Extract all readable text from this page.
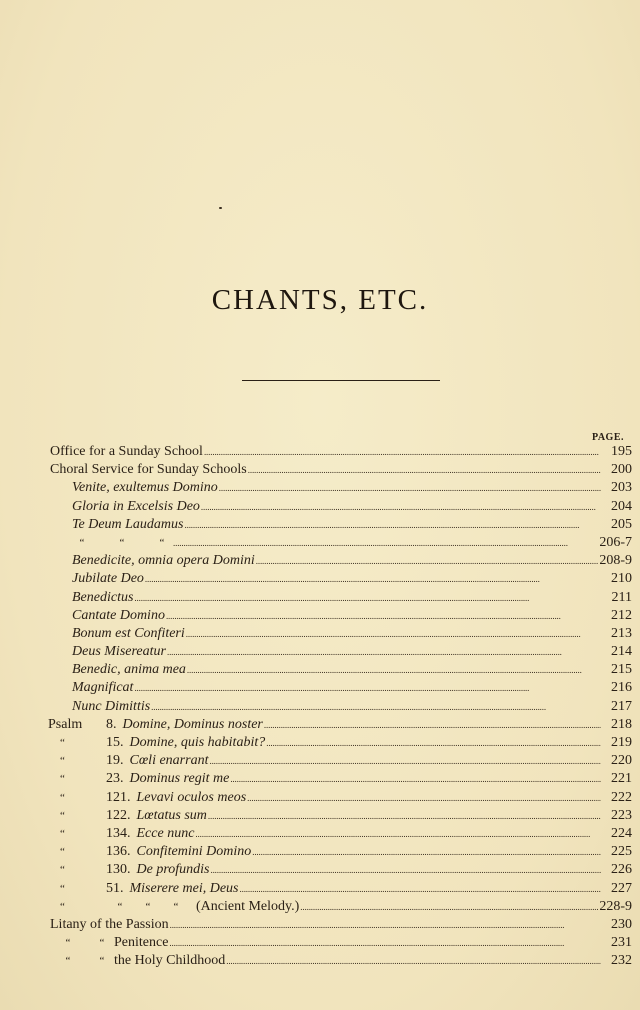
CHANTS, ETC.
PAGE.
Office for a Sunday School . . .	195
Choral Service for Sunday Schools . . .	200
Venite, exultemus Domino . . .	203
Gloria in Excelsis Deo . . .	204
Te Deum Laudamus . . .	205
“	“	“ . . .	206-7
Benedicite, omnia opera Domini . . .	208-9
Jubilate Deo . . .	210
Benedictus . . .	211
Cantate Domino . . .	212
Bonum est Confiteri . . .	213
Deus Misereatur . . .	214
Benedic, anima mea . . .	215
Magnificat . . .	216
Nunc Dimittis . . .	217
Psalm	8. Domine, Dominus noster . . .	218
“	15. Domine, quis habitabit? . . .	219
“	19. Cœli enarrant . . .	220
“	23. Dominus regit me . . .	221
“	121. Levavi oculos meos . . .	222
“	122. Lœtatus sum . . .	223
“	134. Ecce nunc . . .	224
“	136. Confitemini Domino . . .	225
“	130. De profundis . . .	226
“	51. Miserere mei, Deus . . .	227
“	“	“	“	(Ancient Melody.) . . .	228-9
Litany of the Passion . . .	230
“	“ Penitence . . .	231
“	“ the Holy Childhood . . .	232
